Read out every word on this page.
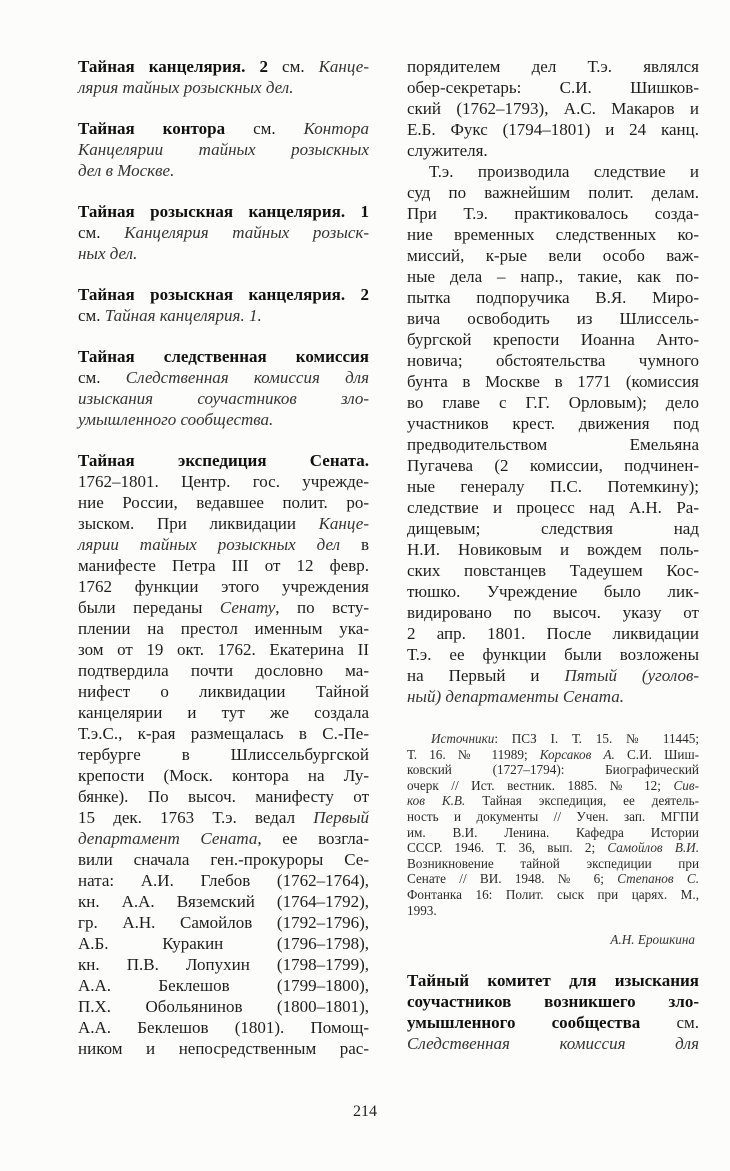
Тайная канцелярия. 2 см. Канце-
лярия тайных розыскных дел.
Тайная контора см. Контора
Канцелярии тайных розыскных
дел в Москве.
Тайная розыскная канцелярия. 1
см. Канцелярия тайных розыск-
ных дел.
Тайная розыскная канцелярия. 2
см. Тайная канцелярия. 1.
Тайная следственная комиссия
см. Следственная комиссия для
изыскания соучастников зло-
умышленного сообщества.
Тайная экспедиция Сената.
1762–1801. Центр. гос. учрежде-
ние России, ведавшее полит. ро-
зыском. При ликвидации Канце-
лярии тайных розыскных дел в
манифесте Петра III от 12 февр.
1762 функции этого учреждения
были переданы Сенату, по всту-
плении на престол именным ука-
зом от 19 окт. 1762. Екатерина II
подтвердила почти дословно ма-
нифест о ликвидации Тайной
канцелярии и тут же создала
Т.э.С., к-рая размещалась в С.-Пе-
тербурге в Шлиссельбургской
крепости (Моск. контора на Лу-
бянке). По высоч. манифесту от
15 дек. 1763 Т.э. ведал Первый
департамент Сената, ее возгла-
вили сначала ген.-прокуроры Се-
ната: А.И. Глебов (1762–1764),
кн. А.А. Вяземский (1764–1792),
гр. А.Н. Самойлов (1792–1796),
А.Б. Куракин (1796–1798),
кн. П.В. Лопухин (1798–1799),
А.А. Беклешов (1799–1800),
П.Х. Обольянинов (1800–1801),
А.А. Беклешов (1801). Помощ-
ником и непосредственным рас-
порядителем дел Т.э. являлся
обер-секретарь: С.И. Шишков-
ский (1762–1793), А.С. Макаров и
Е.Б. Фукс (1794–1801) и 24 канц.
служителя.
Т.э. производила следствие и
суд по важнейшим полит. делам.
При Т.э. практиковалось созда-
ние временных следственных ко-
миссий, к-рые вели особо важ-
ные дела – напр., такие, как по-
пытка подпоручика В.Я. Миро-
вича освободить из Шлиссель-
бургской крепости Иоанна Анто-
новича; обстоятельства чумного
бунта в Москве в 1771 (комиссия
во главе с Г.Г. Орловым); дело
участников крест. движения под
предводительством Емельяна
Пугачева (2 комиссии, подчинен-
ные генералу П.С. Потемкину);
следствие и процесс над А.Н. Ра-
дищевым; следствия над
Н.И. Новиковым и вождем поль-
ских повстанцев Тадеушем Кос-
тюшко. Учреждение было лик-
видировано по высоч. указу от
2 апр. 1801. После ликвидации
Т.э. ее функции были возложены
на Первый и Пятый (уголов-
ный) департаменты Сената.
Источники: ПСЗ I. Т. 15. № 11445;
Т. 16. № 11989; Корсаков А. С.И. Шиш-
ковский (1727–1794): Биографический
очерк // Ист. вестник. 1885. № 12; Сив-
ков К.В. Тайная экспедиция, ее деятель-
ность и документы // Учен. зап. МГПИ
им. В.И. Ленина. Кафедра Истории
СССР. 1946. Т. 36, вып. 2; Самойлов В.И.
Возникновение тайной экспедиции при
Сенате // ВИ. 1948. № 6; Степанов С.
Фонтанка 16: Полит. сыск при царях. М.,
1993.
А.Н. Ерошкина
Тайный комитет для изыскания
соучастников возникшего зло-
умышленного сообщества см.
Следственная комиссия для
214
